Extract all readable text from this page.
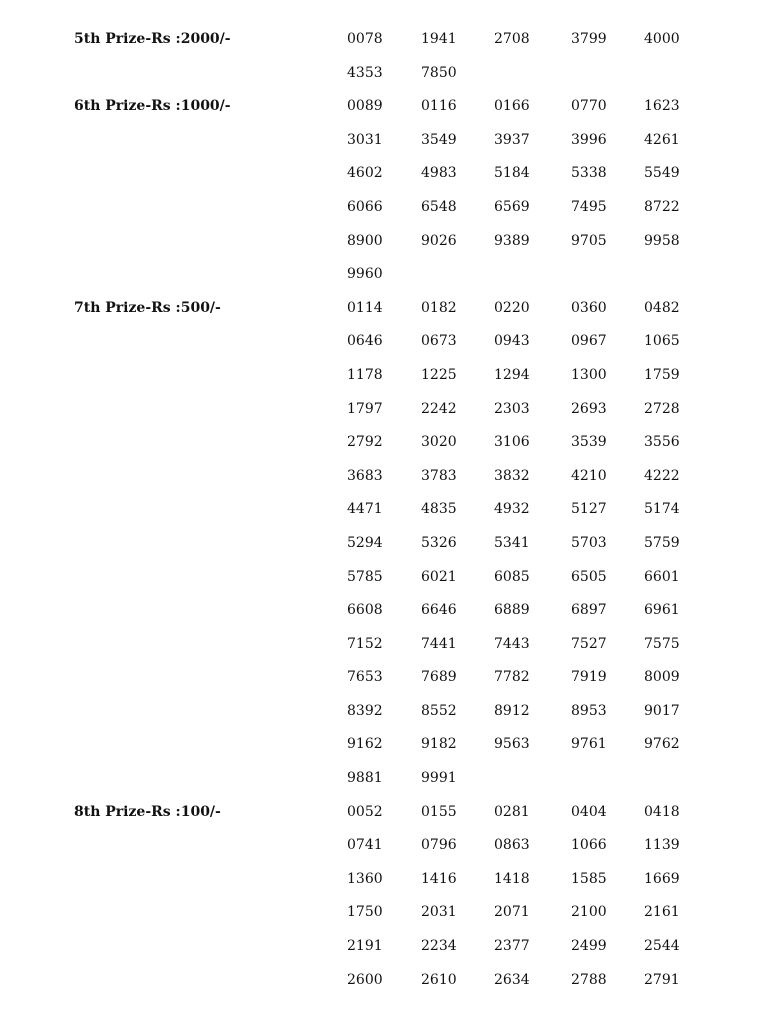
5th Prize-Rs :2000/-	0078	1941	2708	3799	4000
4353	7850
6th Prize-Rs :1000/-	0089	0116	0166	0770	1623
3031	3549	3937	3996	4261
4602	4983	5184	5338	5549
6066	6548	6569	7495	8722
8900	9026	9389	9705	9958
9960
7th Prize-Rs :500/-	0114	0182	0220	0360	0482
0646	0673	0943	0967	1065
1178	1225	1294	1300	1759
1797	2242	2303	2693	2728
2792	3020	3106	3539	3556
3683	3783	3832	4210	4222
4471	4835	4932	5127	5174
5294	5326	5341	5703	5759
5785	6021	6085	6505	6601
6608	6646	6889	6897	6961
7152	7441	7443	7527	7575
7653	7689	7782	7919	8009
8392	8552	8912	8953	9017
9162	9182	9563	9761	9762
9881	9991
8th Prize-Rs :100/-	0052	0155	0281	0404	0418
0741	0796	0863	1066	1139
1360	1416	1418	1585	1669
1750	2031	2071	2100	2161
2191	2234	2377	2499	2544
2600	2610	2634	2788	2791
